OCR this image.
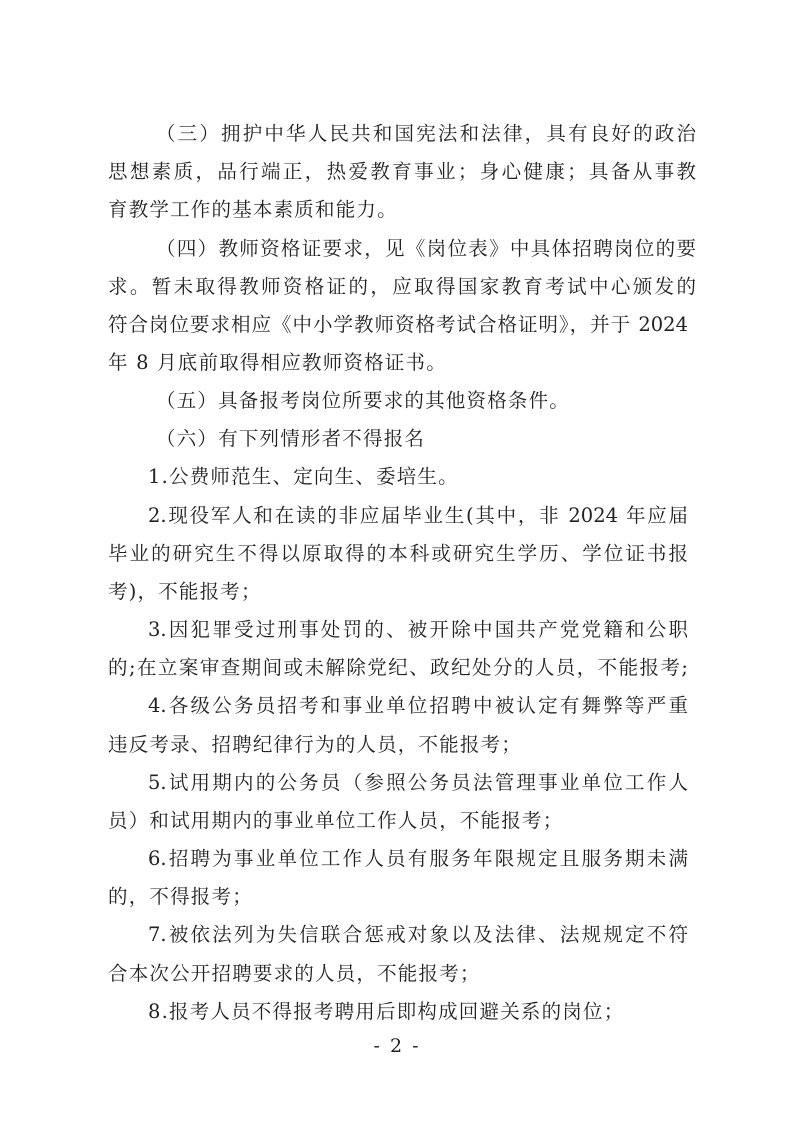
（三）拥护中华人民共和国宪法和法律，具有良好的政治
思想素质，品行端正，热爱教育事业；身心健康；具备从事教
育教学工作的基本素质和能力。
（四）教师资格证要求，见《岗位表》中具体招聘岗位的要
求。暂未取得教师资格证的，应取得国家教育考试中心颁发的
符合岗位要求相应《中小学教师资格考试合格证明》，并于 2024
年 8 月底前取得相应教师资格证书。
（五）具备报考岗位所要求的其他资格条件。
（六）有下列情形者不得报名
1.公费师范生、定向生、委培生。
2.现役军人和在读的非应届毕业生(其中，非 2024 年应届
毕业的研究生不得以原取得的本科或研究生学历、学位证书报
考)，不能报考；
3.因犯罪受过刑事处罚的、被开除中国共产党党籍和公职
的;在立案审查期间或未解除党纪、政纪处分的人员，不能报考;
4.各级公务员招考和事业单位招聘中被认定有舞弊等严重
违反考录、招聘纪律行为的人员，不能报考；
5.试用期内的公务员（参照公务员法管理事业单位工作人
员）和试用期内的事业单位工作人员，不能报考；
6.招聘为事业单位工作人员有服务年限规定且服务期未满
的，不得报考；
7.被依法列为失信联合惩戒对象以及法律、法规规定不符
合本次公开招聘要求的人员，不能报考；
8.报考人员不得报考聘用后即构成回避关系的岗位；
- 2 -
